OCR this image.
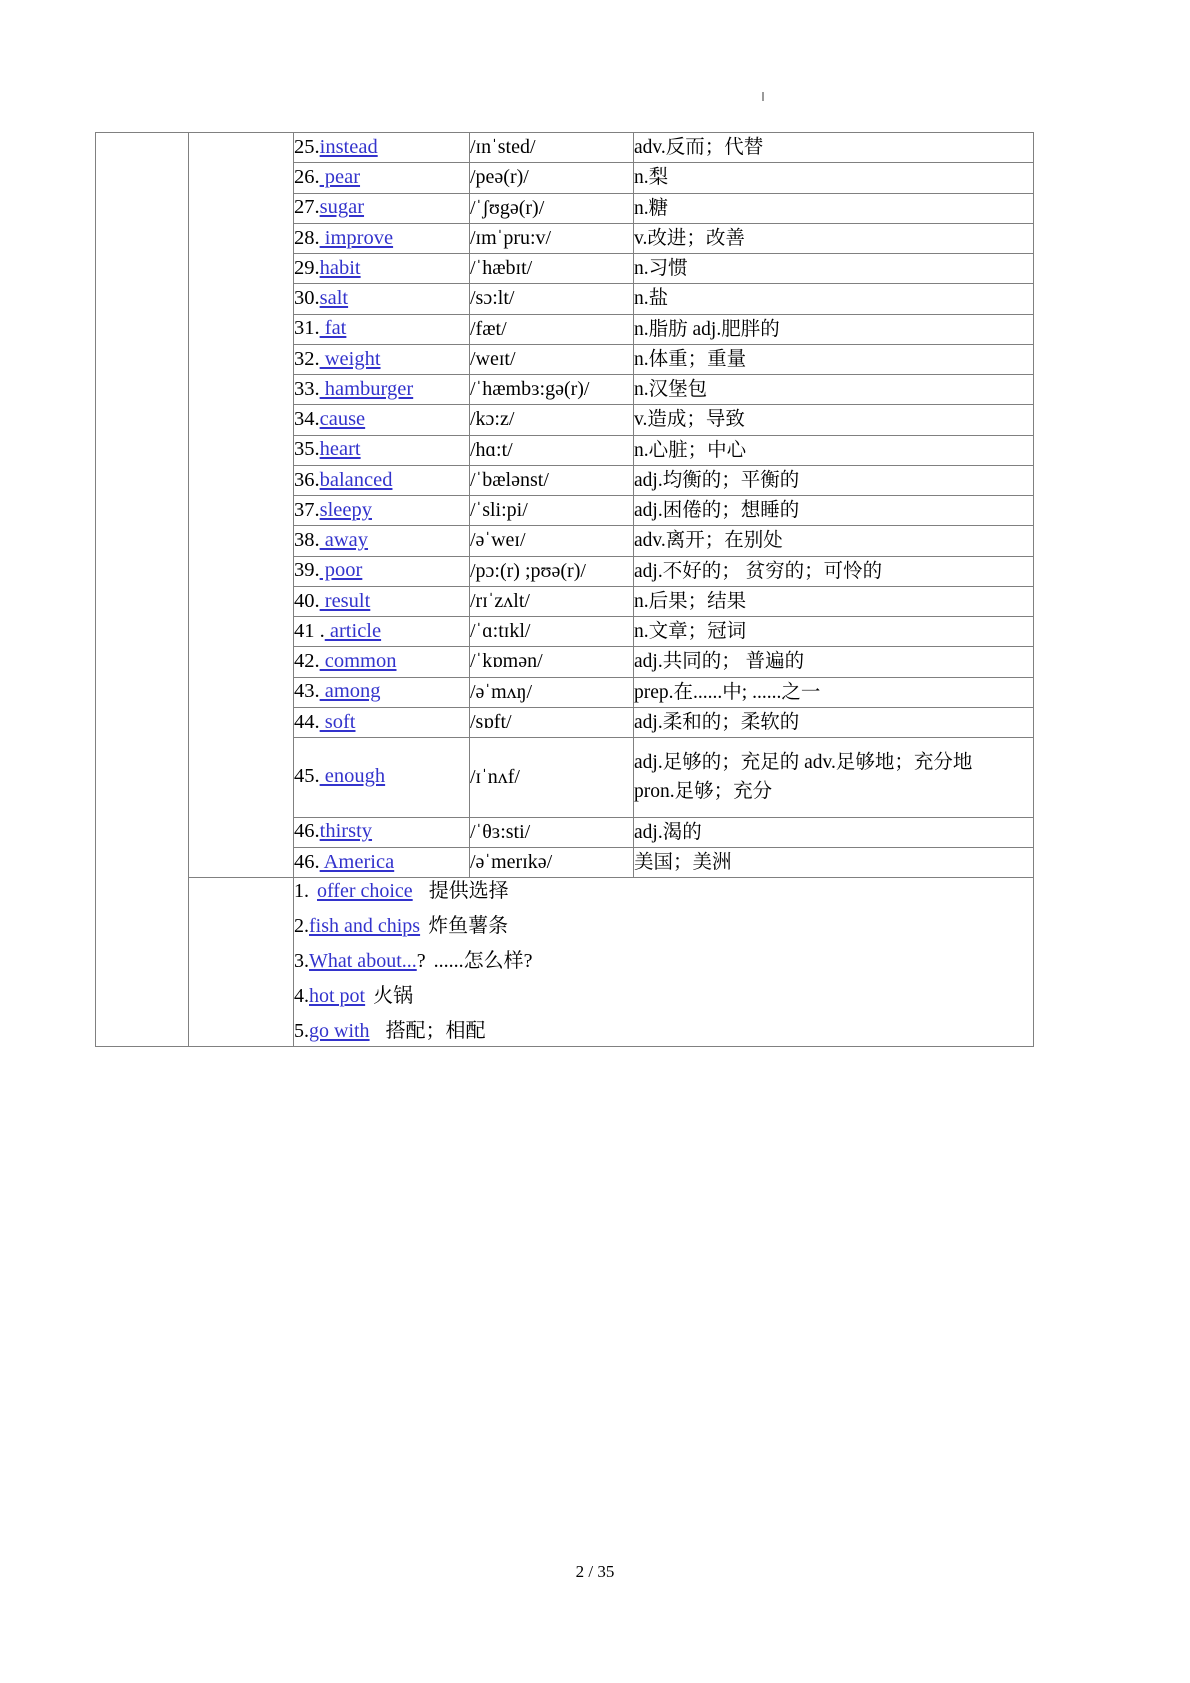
		25.instead	/ɪnˈsted/	adv.反而；代替
		26. pear	/peə(r)/	n.梨
		27.sugar	/ˈʃʊgə(r)/	n.糖
		28. improve	/ɪmˈpru:v/	v.改进；改善
		29.habit	/ˈhæbɪt/	n.习惯
		30.salt	/sɔ:lt/	n.盐
		31. fat	/fæt/	n.脂肪 adj.肥胖的
		32. weight	/weɪt/	n.体重；重量
		33. hamburger	/ˈhæmbɜ:gə(r)/	n.汉堡包
		34.cause	/kɔ:z/	v.造成；导致
		35.heart	/hɑ:t/	n.心脏；中心
		36.balanced	/ˈbælənst/	adj.均衡的；平衡的
		37.sleepy	/ˈsli:pi/	adj.困倦的；想睡的
		38. away	/əˈweɪ/	adv.离开；在别处
		39. poor	/pɔ:(r) ;pʊə(r)/	adj.不好的； 贫穷的；可怜的
		40. result	/rɪˈzʌlt/	n.后果；结果
		41 . article	/ˈɑ:tɪkl/	n.文章；冠词
		42. common	/ˈkɒmən/	adj.共同的； 普遍的
		43. among	/əˈmʌŋ/	prep.在......中; ......之一
		44. soft	/sɒft/	adj.柔和的；柔软的
		45. enough	/ɪˈnʌf/	adj.足够的；充足的 adv.足够地；充分地
pron.足够；充分

		46.thirsty	/ˈθɜ:sti/	adj.渴的
		46. America	/əˈmerɪkə/	美国；美洲

		1. offer choice 提供选择
2.fish and chips 炸鱼薯条
3.What about...? ......怎么样?
4.hot pot 火锅
5.go with 搭配；相配		
2 / 35
